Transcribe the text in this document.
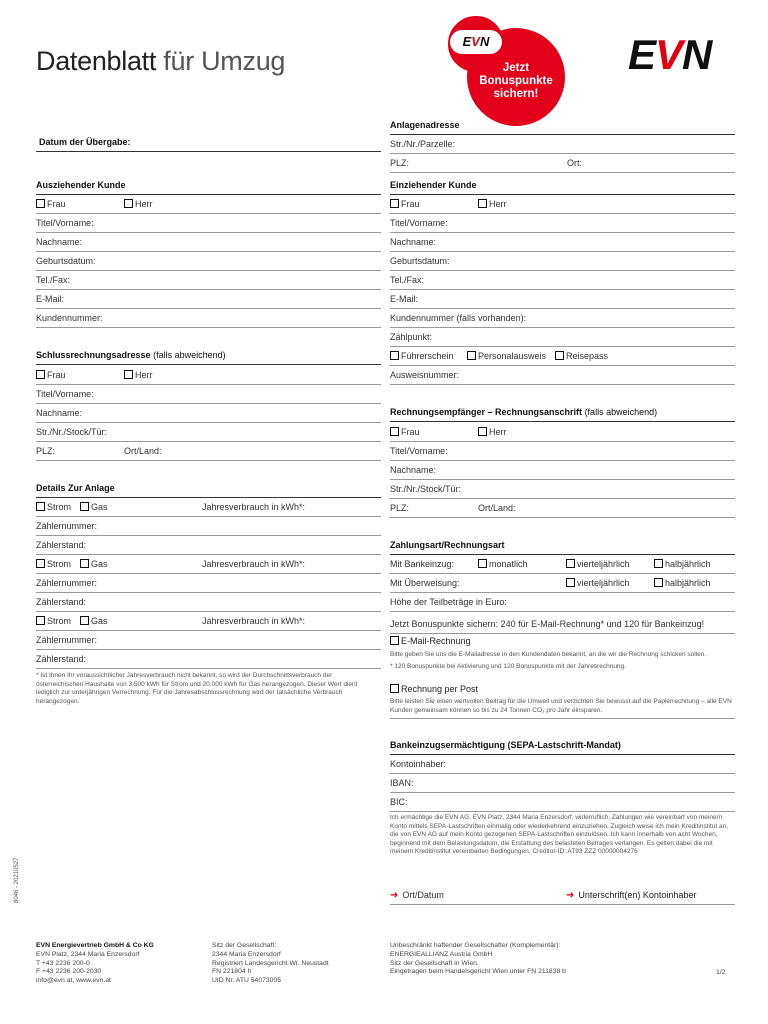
Datenblatt für Umzug	Jetzt
Bonuspunkte
sichern!
EVN	EVN
Datum der Übergabe:
Ausziehender Kunde
Frau	Herr
Titel/Vorname:
Nachname:
Geburtsdatum:
Tel./Fax:
E-Mail:
Kundennummer:
Schlussrechnungsadresse (falls abweichend)
Frau	Herr
Titel/Vorname:
Nachname:
Str./Nr./Stock/Tür:
PLZ:	Ort/Land:
Details Zur Anlage
Strom	Gas	Jahresverbrauch in kWh*:
Zählernummer:
Zählerstand:
Strom	Gas	Jahresverbrauch in kWh*:
Zählernummer:
Zählerstand:
Strom	Gas	Jahresverbrauch in kWh*:
Zählernummer:
Zählerstand:
* Ist Ihnen Ihr voraussichtlicher Jahresverbrauch nicht bekannt, so wird der Durchschnittsverbrauch der österreichischen Haushalte von 3.500 kWh für Strom und 20.000 kWh für Gas herangezogen. Dieser Wert dient lediglich zur unterjährigen Verrechnung. Für die Jahresabschlussrechnung wird der tatsächliche Verbrauch herangezogen.
Anlagenadresse
Str./Nr./Parzelle:
PLZ:	Ort:
Einziehender Kunde
Frau	Herr
Titel/Vorname:
Nachname:
Geburtsdatum:
Tel./Fax:
E-Mail:
Kundennummer (falls vorhanden):
Zählpunkt:
Führerschein	Personalausweis	Reisepass
Ausweisnummer:
Rechnungsempfänger – Rechnungsanschrift (falls abweichend)
Frau	Herr
Titel/Vorname:
Nachname:
Str./Nr./Stock/Tür:
PLZ:	Ort/Land:
Zahlungsart/Rechnungsart
Mit Bankeinzug:	monatlich	vierteljährlich	halbjährlich
Mit Überweisung:	vierteljährlich	halbjährlich
Höhe der Teilbeträge in Euro:
Jetzt Bonuspunkte sichern: 240 für E-Mail-Rechnung* und 120 für Bankeinzug!
E-Mail-Rechnung
Bitte geben Sie uns die E-Mailadresse in den Kundendaten bekannt, an die wir die Rechnung schicken sollen.
* 120 Bonuspunkte bei Aktivierung und 120 Bonuspunkte mit der Jahresrechnung.
Rechnung per Post
Bitte leisten Sie einen wertvollen Beitrag für die Umwelt und verzichten Sie bewusst auf die Papierrechnung – alle EVN Kunden gemeinsam können so bis zu 24 Tonnen CO₂ pro Jahr einsparen.
Bankeinzugsermächtigung (SEPA-Lastschrift-Mandat)
Kontoinhaber:
IBAN:
BIC:
Ich ermächtige die EVN AG, EVN Platz, 2344 Maria Enzersdorf, widerruflich, Zahlungen wie vereinbart von meinem Konto mittels SEPA-Lastschriften einmalig oder wiederkehrend einzuziehen. Zugleich weise ich mein Kreditinstitut an, die von EVN AG auf mein Konto gezogenen SEPA-Lastschriften einzulösen. Ich kann innerhalb von acht Wochen, beginnend mit dem Belastungsdatum, die Erstattung des belasteten Betrages verlangen. Es gelten dabei die mit meinem Kreditinstitut vereinbarten Bedingungen. Creditor-ID: AT93 ZZZ 00000004276
➔ Ort/Datum	➔ Unterschrift(en) Kontoinhaber
8046 - 20210527
EVN Energievertrieb GmbH & Co KG
EVN Platz, 2344 Maria Enzersdorf
T +43 2236 200-0
F +43 2236 200-2030
info@evn.at, www.evn.at
Sitz der Gesellschaft:
2344 Maria Enzersdorf
Registriert Landesgericht Wr. Neustadt
FN 221804 h
UID Nr. ATU 54073005
Unbeschränkt haftender Gesellschafter (Komplementär):
ENERGIEALLIANZ Austria GmbH
Sitz der Gesellschaft in Wien.
Eingetragen beim Handelsgericht Wien unter FN 211838 b	1/2
